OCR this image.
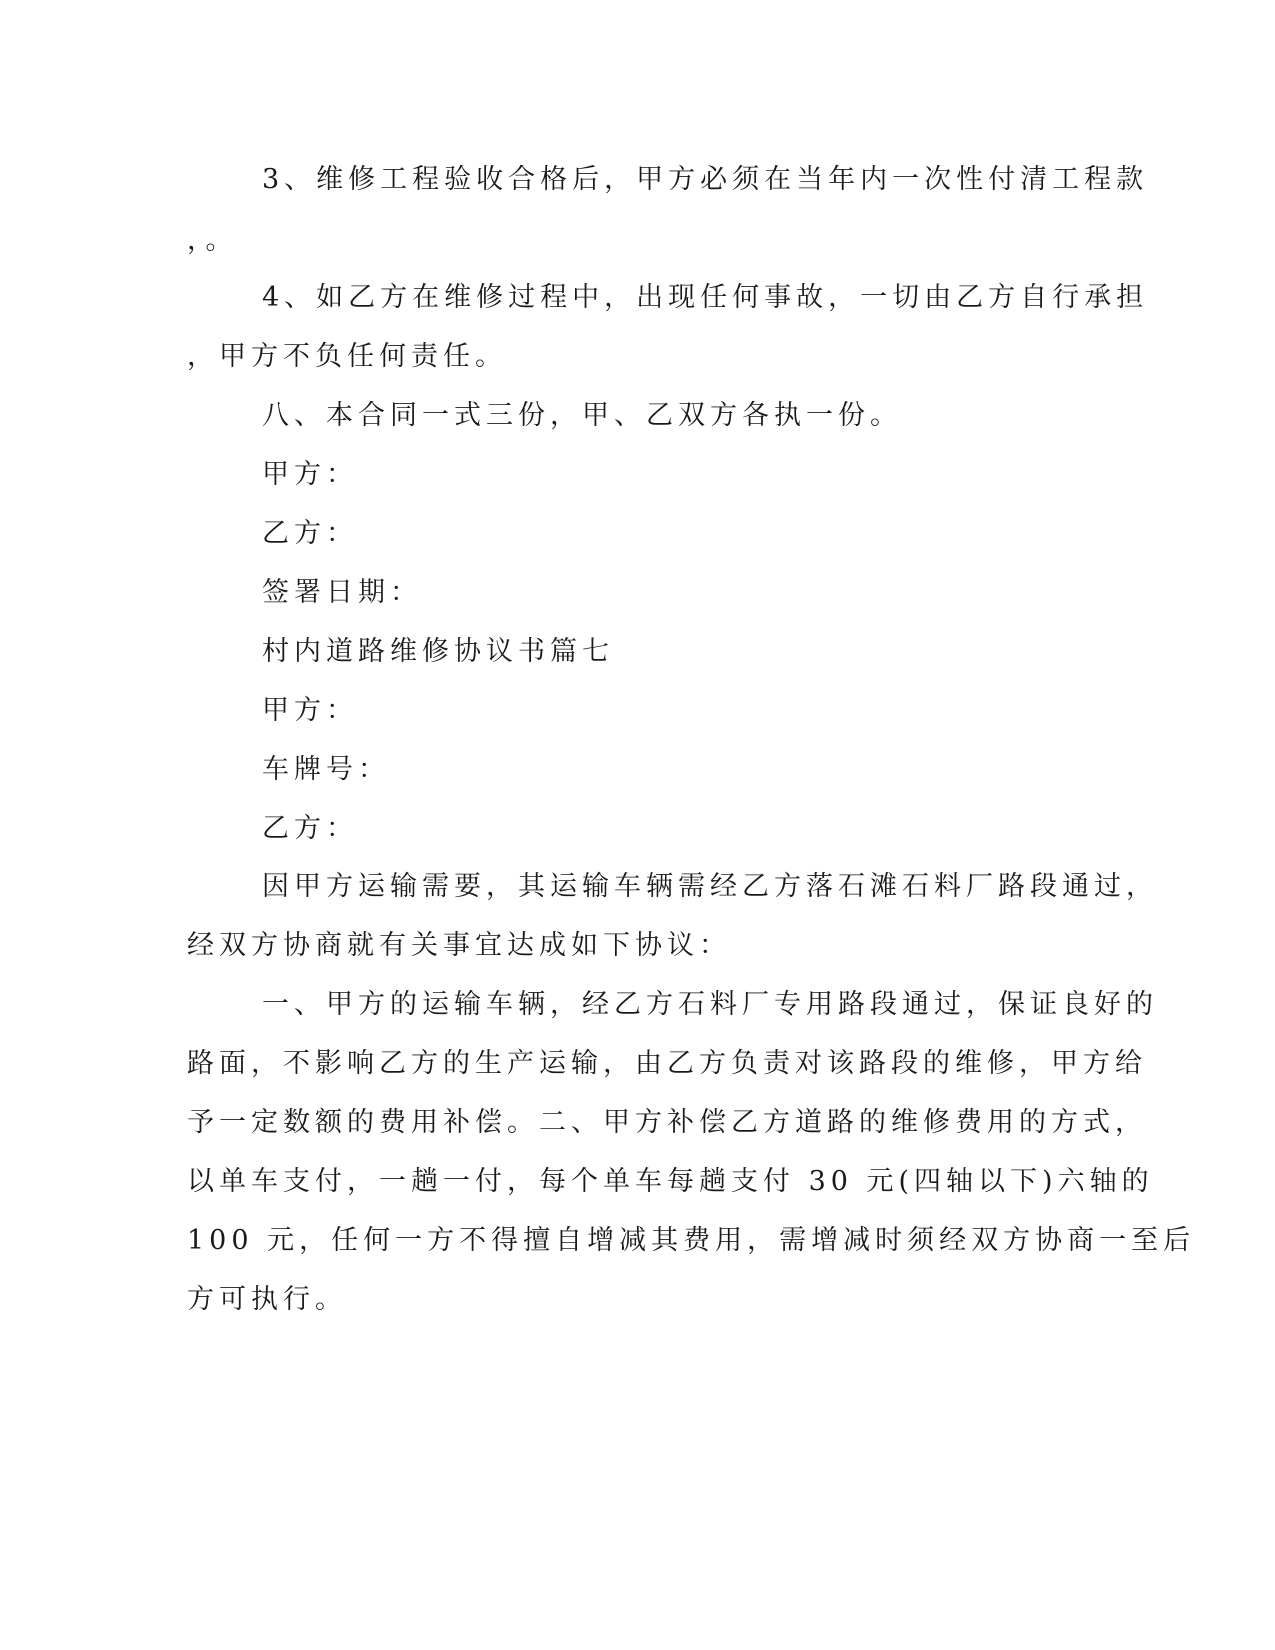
3、维修工程验收合格后，甲方必须在当年内一次性付清工程款
，。
4、如乙方在维修过程中，出现任何事故，一切由乙方自行承担
，甲方不负任何责任。
八、本合同一式三份，甲、乙双方各执一份。
甲方：
乙方：
签署日期：
村内道路维修协议书篇七
甲方：
车牌号：
乙方：
因甲方运输需要，其运输车辆需经乙方落石滩石料厂路段通过，
经双方协商就有关事宜达成如下协议：
一、甲方的运输车辆，经乙方石料厂专用路段通过，保证良好的
路面，不影响乙方的生产运输，由乙方负责对该路段的维修，甲方给
予一定数额的费用补偿。二、甲方补偿乙方道路的维修费用的方式，
以单车支付，一趟一付，每个单车每趟支付 30 元(四轴以下)六轴的
100 元，任何一方不得擅自增减其费用，需增减时须经双方协商一至后
方可执行。
